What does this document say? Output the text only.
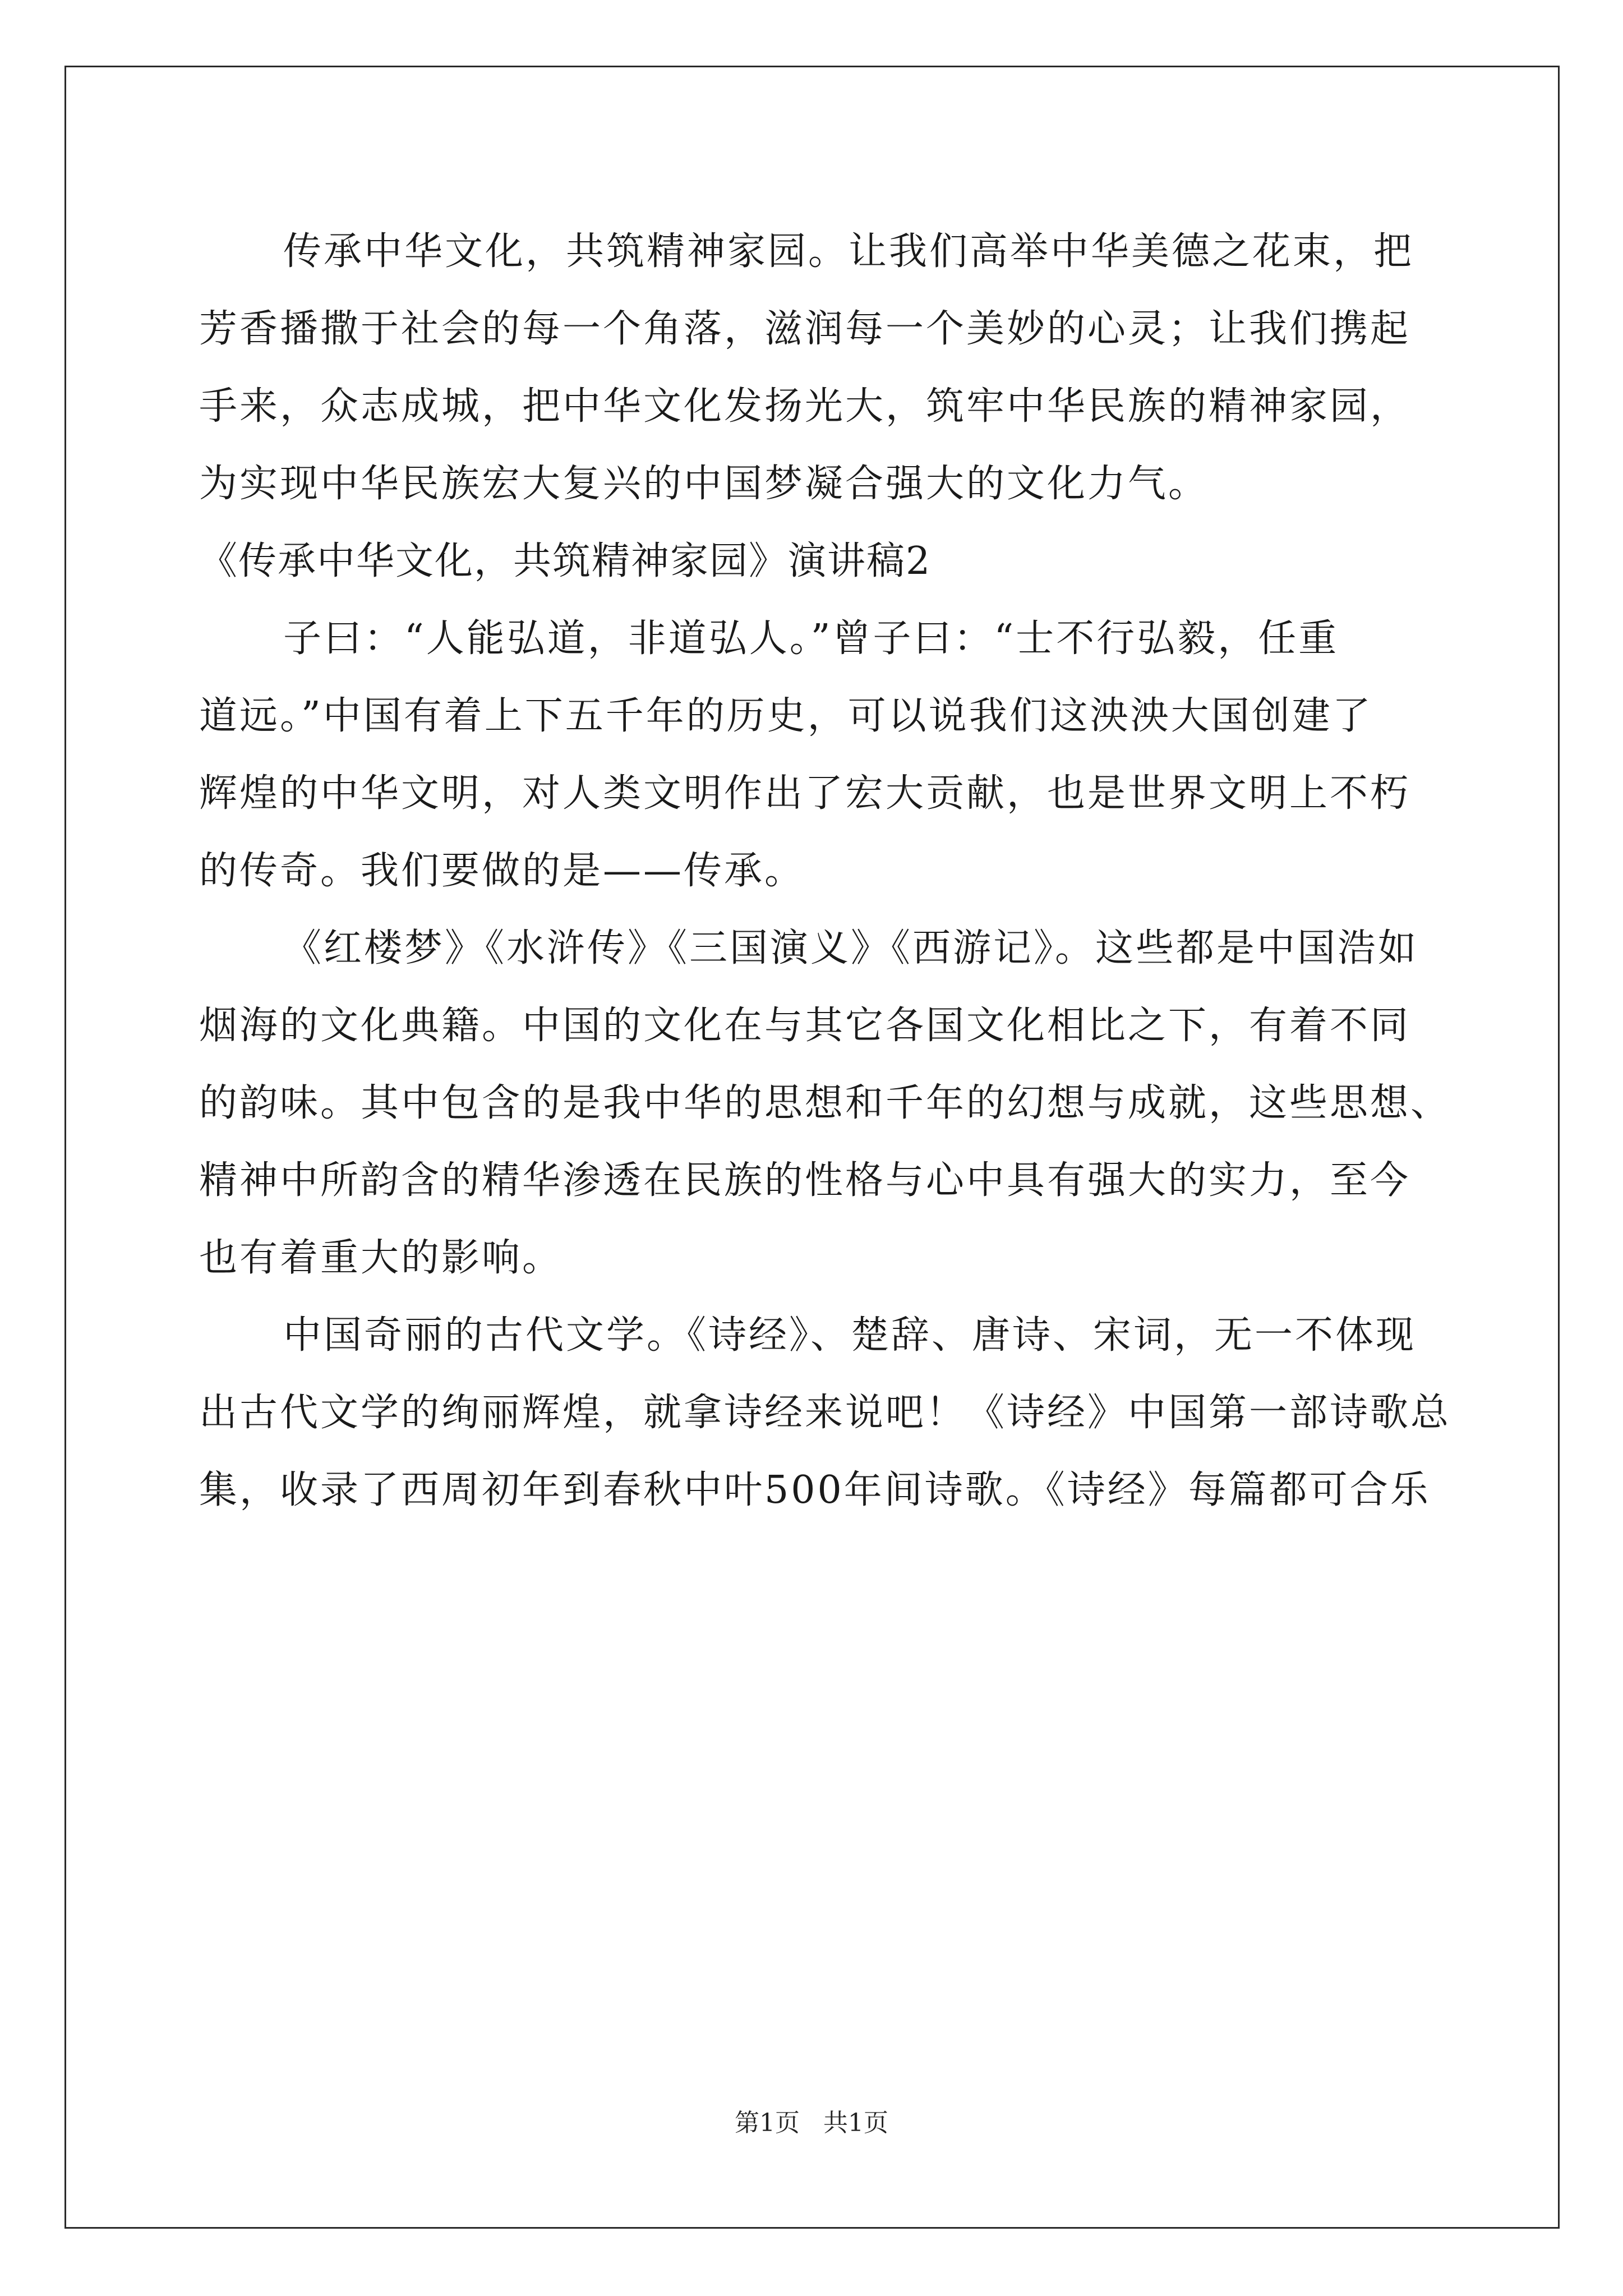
传承中华文化，共筑精神家园。让我们高举中华美德之花束，把
芳香播撒于社会的每一个角落，滋润每一个美妙的心灵；让我们携起
手来，众志成城，把中华文化发扬光大，筑牢中华民族的精神家园，
为实现中华民族宏大复兴的中国梦凝合强大的文化力气。
《传承中华文化，共筑精神家园》演讲稿2
子曰：“人能弘道，非道弘人。”曾子曰：“士不行弘毅，任重
道远。”中国有着上下五千年的历史，可以说我们这泱泱大国创建了
辉煌的中华文明，对人类文明作出了宏大贡献，也是世界文明上不朽
的传奇。我们要做的是——传承。
《红楼梦》《水浒传》《三国演义》《西游记》。这些都是中国浩如
烟海的文化典籍。中国的文化在与其它各国文化相比之下，有着不同
的韵味。其中包含的是我中华的思想和千年的幻想与成就，这些思想、
精神中所韵含的精华渗透在民族的性格与心中具有强大的实力，至今
也有着重大的影响。
中国奇丽的古代文学。《诗经》、楚辞、唐诗、宋词，无一不体现
出古代文学的绚丽辉煌，就拿诗经来说吧！《诗经》中国第一部诗歌总
集，收录了西周初年到春秋中叶500年间诗歌。《诗经》每篇都可合乐
第1页   共1页
